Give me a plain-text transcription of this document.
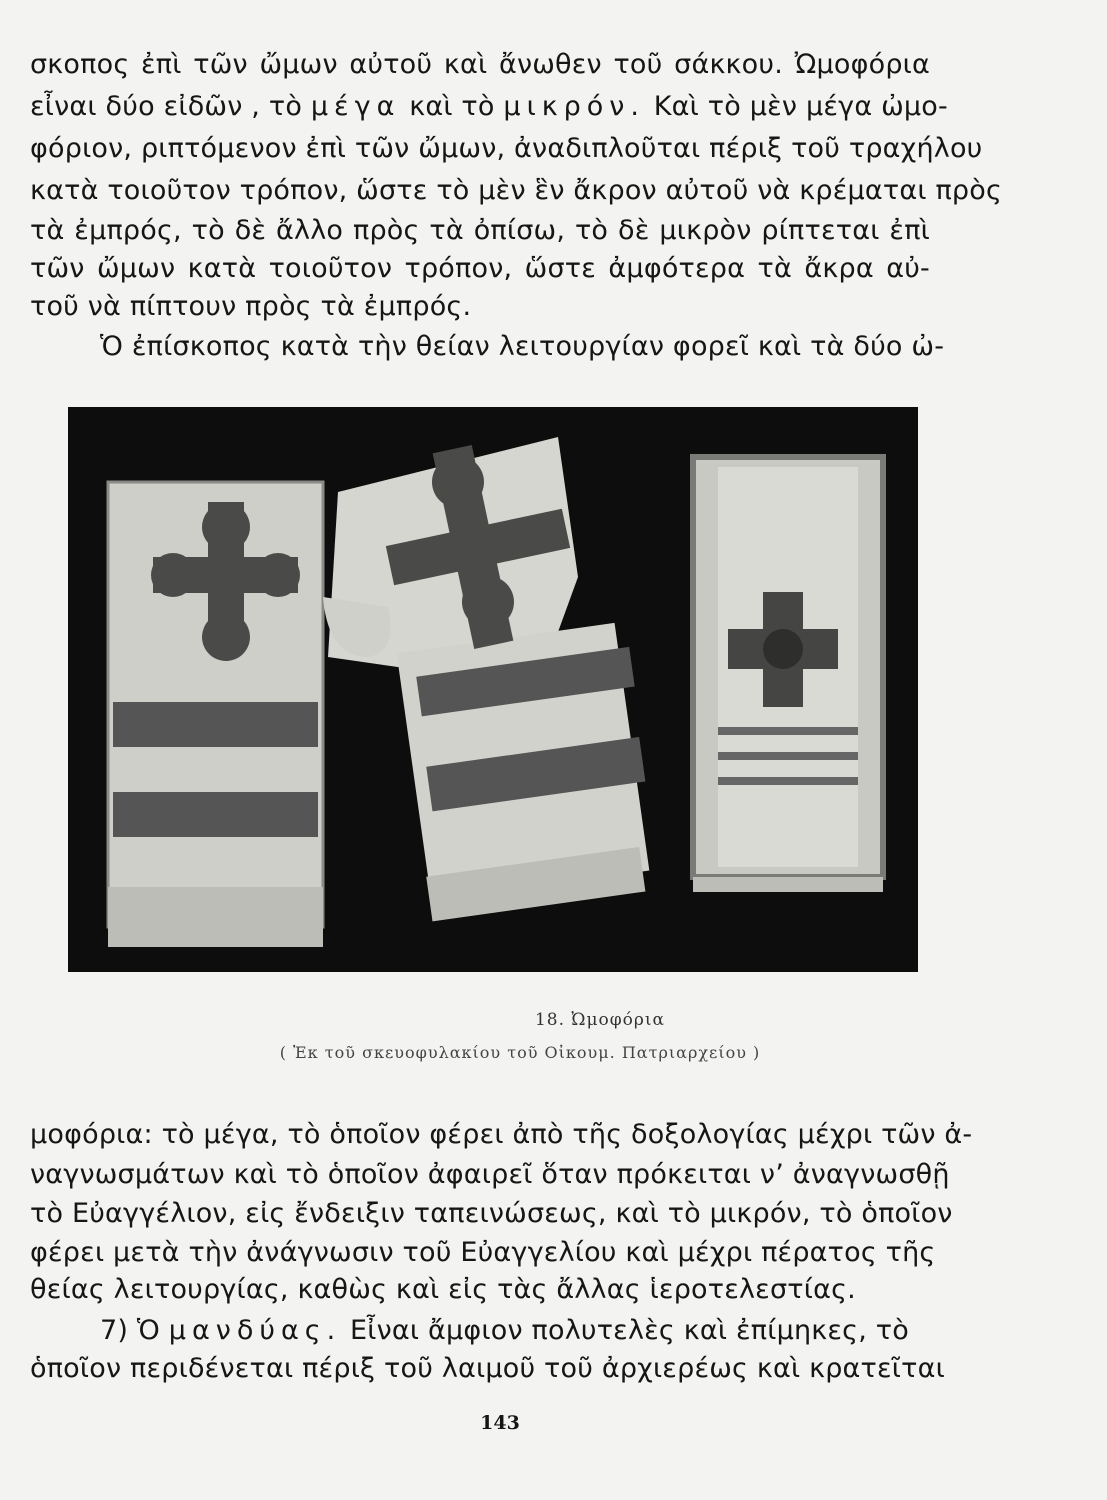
σκοπος ἐπὶ τῶν ὤμων αὐτοῦ καὶ ἄνωθεν τοῦ σάκκου. Ὠμοφόρια

εἶναι δύο εἰδῶν , τὸ μέγα καὶ τὸ μικρόν. Καὶ τὸ μὲν μέγα ὠμο-

φόριον, ριπτόμενον ἐπὶ τῶν ὤμων, ἀναδιπλοῦται πέριξ τοῦ τραχήλου

κατὰ τοιοῦτον τρόπον, ὥστε τὸ μὲν ἓν ἄκρον αὐτοῦ νὰ κρέμαται πρὸς

τὰ ἐμπρός, τὸ δὲ ἄλλο πρὸς τὰ ὀπίσω, τὸ δὲ μικρὸν ρίπτεται ἐπὶ

τῶν ὤμων κατὰ τοιοῦτον τρόπον, ὥστε ἀμφότερα τὰ ἄκρα αὐ-

τοῦ νὰ πίπτουν πρὸς τὰ ἐμπρός.

Ὁ ἐπίσκοπος κατὰ τὴν θείαν λειτουργίαν φορεῖ καὶ τὰ δύο ὠ-

18. Ὠμοφόρια

( Ἐκ τοῦ σκευοφυλακίου τοῦ Οἰκουμ. Πατριαρχείου )

μοφόρια: τὸ μέγα, τὸ ὁποῖον φέρει ἀπὸ τῆς δοξολογίας μέχρι τῶν ἀ-

ναγνωσμάτων καὶ τὸ ὁποῖον ἀφαιρεῖ ὅταν πρόκειται ν’ ἀναγνωσθῇ

τὸ Εὐαγγέλιον, εἰς ἔνδειξιν ταπεινώσεως, καὶ τὸ μικρόν, τὸ ὁποῖον

φέρει μετὰ τὴν ἀνάγνωσιν τοῦ Εὐαγγελίου καὶ μέχρι πέρατος τῆς

θείας λειτουργίας, καθὼς καὶ εἰς τὰς ἄλλας ἱεροτελεστίας.

7) Ὁ μανδύας. Εἶναι ἄμφιον πολυτελὲς καὶ ἐπίμηκες, τὸ

ὁποῖον περιδένεται πέριξ τοῦ λαιμοῦ τοῦ ἀρχιερέως καὶ κρατεῖται

143
